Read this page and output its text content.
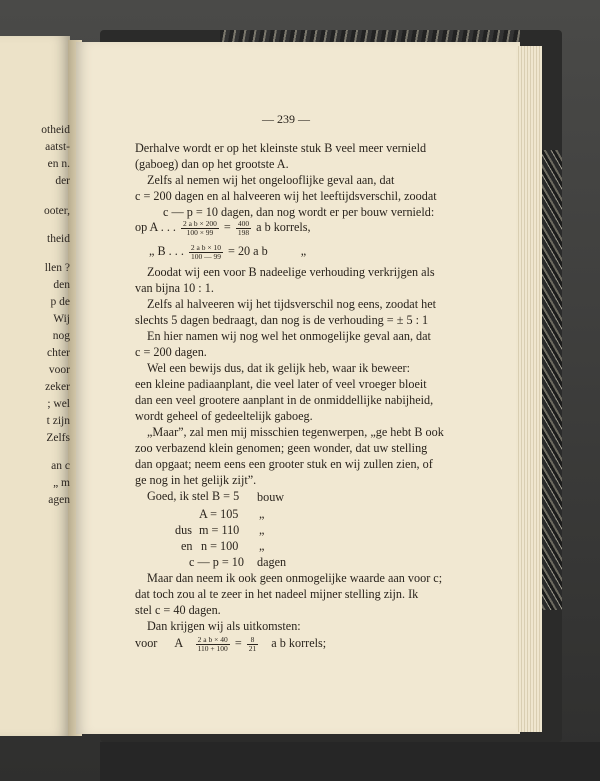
otheid
aatst-
en n.
der
ooter,
theid
llen ?
den
p de
Wij
nog
chter
voor
zeker
; wel
t zijn
Zelfs
an c
„ m
agen
— 239 —
Derhalve wordt er op het kleinste stuk B veel meer vernield
(gaboeg) dan op het grootste A.
Zelfs al nemen wij het ongelooflijke geval aan, dat
c = 200 dagen en al halveeren wij het leeftijdsverschil, zoodat
c — p = 10 dagen, dan nog wordt er per bouw vernield:
op A . . . $\frac{\text{2 a b × 200}}{100 \times 99} = \frac{400}{198}$ a b korrels,
„ B . . . $\frac{\text{2 a b × 10}}{100 — 99} = 20$ a b	„
Zoodat wij een voor B nadeelige verhouding verkrijgen als
van bijna 10 : 1.
Zelfs al halveeren wij het tijdsverschil nog eens, zoodat het
slechts 5 dagen bedraagt, dan nog is de verhouding = ± 5 : 1
En hier namen wij nog wel het onmogelijke geval aan, dat
c = 200 dagen.
Wel een bewijs dus, dat ik gelijk heb, waar ik beweer:
een kleine padiaanplant, die veel later of veel vroeger bloeit
dan een veel grootere aanplant in de onmiddellijke nabijheid,
wordt geheel of gedeeltelijk gaboeg.
„Maar”, zal men mij misschien tegenwerpen, „ge hebt B ook
zoo verbazend klein genomen; geen wonder, dat uw stelling
dan opgaat; neem eens een grooter stuk en wij zullen zien, of
ge nog in het gelijk zijt”.
Goed, ik stel B = 5 bouw
A = 105 „
dus m = 110 „
en n = 100 „
c — p = 10 dagen
Maar dan neem ik ook geen onmogelijke waarde aan voor c;
dat toch zou al te zeer in het nadeel mijner stelling zijn. Ik
stel c = 40 dagen.
Dan krijgen wij als uitkomsten:
voor A $\frac{\text{2 a b × 40}}{110 + 100} = \frac{8}{21}$ a b korrels;
